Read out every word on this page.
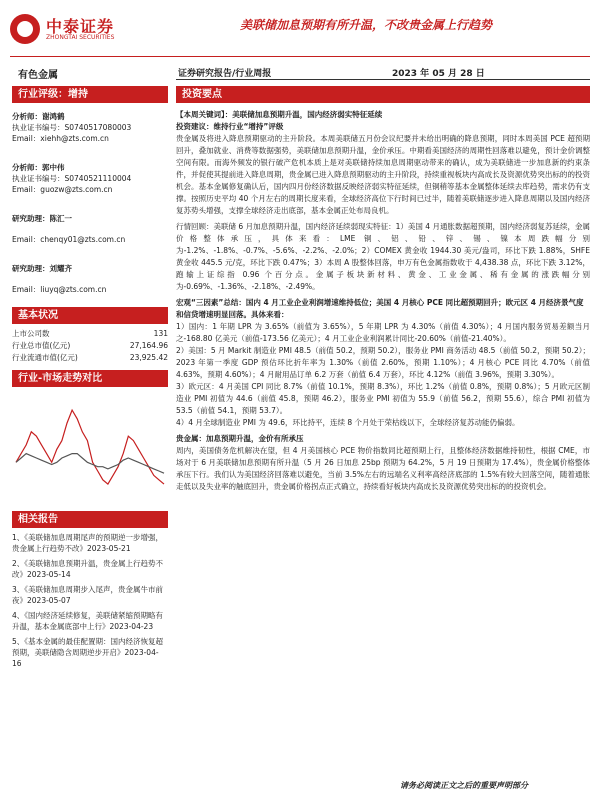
中泰证券
ZHONGTAI SECURITIES
美联储加息预期有所升温，不改贵金属上行趋势
有色金属	证券研究报告/行业周报	2023 年 05 月 28 日
行业评级：增持
分析师：谢鸿鹤
执业证书编号：S0740517080003
Email：xiehh@zts.com.cn
分析师：郭中伟
执业证书编号：S0740521110004
Email：guozw@zts.com.cn
研究助理：陈汇一
Email：chenqy01@zts.com.cn
研究助理：刘耀齐
Email：liuyq@zts.com.cn
基本状况
上市公司数	131
行业总市值(亿元)	27,164.96
行业流通市值(亿元)	23,925.42
行业-市场走势对比
相关报告
1、《美联储加息周期尾声的预期逆一步增强，贵金属上行趋势不改》2023-05-21
2、《美联储加息预期升温，贵金属上行趋势不改》2023-05-14
3、《美联储加息周期步入尾声，贵金属牛市前夜》2023-05-07
4、《国内经济延续修复，美联储紧缩预期略有升温，基本金属底部中上行》2023-04-23
5、《基本金属的最佳配置期：国内经济恢复超预期，美联储隐含周期逆步开启》2023-04-16
投资要点
【本周关键词】：美联储加息预期升温，国内经济弱实特征延续
投资建议：维持行业“增持”评级
贵金属及将进入降息预期驱动的主升阶段。本周美联储五月份会议纪要并未给出明确的降息预期，同时本周美国 PCE 超预期回升，叠加就业、消费等数据强势，美联储加息预期升温，金价承压。中期看美国经济的周期性回落难以避免，预计金价调整空间有限。而海外频发的银行破产危机本质上是对美联储持续加息周期驱动带来的确认，成为美联储进一步加息新的约束条件，并促使其提前进入降息周期，贵金属已进入降息预期驱动的主升阶段，持续重视板块内高成长及资源优势突出标的的投资机会。基本金属修复确认后，国内四月份经济数据反映经济弱实特征延续，但铜稍等基本金属整体延续去库趋势，需求仍有支撑。按照历史平均 40 个月左右的周期长度来看，全球经济高位下行时间已过半，随着美联储逐步进入降息周期以及国内经济复苏势头增强，支撑全球经济走出底部，基本金属正处布局良机。
行情回顾：美联储 6 月加息预期升温，国内经济延续弱现实特征：1）美国 4 月通胀数据超预期，国内经济弱复苏延续，金属价格整体承压，具体来看：LME 铜、铝、铅、锌、锡、镍本周跌幅分别为-1.2%、-1.8%、-0.7%、-5.6%、-2.2%、-2.0%；2）COMEX 黄金收 1944.30 美元/盎司，环比下跌 1.88%，SHFE 黄金收 445.5 元/克，环比下跌 0.47%；3）本周 A 股整体回落，申万有色金属指数收于 4,438.38 点，环比下跌 3.12%，跑输上证综指 0.96 个百分点。金属子板块新材料、黄金、工业金属、稀有金属的涨跌幅分别为-0.69%、-1.36%、-2.18%、-2.49%。
宏观“三因素”总结：国内 4 月工业企业利润增速维持低位；美国 4 月核心 PCE 同比超预期回升；欧元区 4 月经济景气度和信贷增速明显回落。具体来看：
1）国内：1 年期 LPR 为 3.65%（前值为 3.65%），5 年期 LPR 为 4.30%（前值 4.30%）；4 月国内服务贸易差额当月之-168.80 亿美元（前值-173.56 亿美元）；4 月工业企业利润累计同比-20.60%（前值-21.40%）。
2）美国：5 月 Markit 制造业 PMI 48.5（前值 50.2，预期 50.2），服务业 PMI 商务活动 48.5（前值 50.2，预期 50.2）；2023 年第一季度 GDP 预估环比折年率为 1.30%（前值 2.60%，预期 1.10%）；4 月核心 PCE 同比 4.70%（前值 4.63%，预期 4.60%）；4 月耐用品订单 6.2 万套（前值 6.4 万套），环比 4.12%（前值 3.96%，预期 3.30%）。
3）欧元区：4 月美国 CPI 同比 8.7%（前值 10.1%，预期 8.3%），环比 1.2%（前值 0.8%，预期 0.8%）；5 月欧元区制造业 PMI 初值为 44.6（前值 45.8，预期 46.2），服务业 PMI 初值为 55.9（前值 56.2，预期 55.6），综合 PMI 初值为 53.5（前值 54.1，预期 53.7）。
4）4 月全球制造业 PMI 为 49.6，环比持平，连续 8 个月处于荣枯线以下，全球经济复苏动能仍偏弱。
贵金属：加息预期升温，金价有所承压
周内，美国债务危机解决在望，但 4 月美国核心 PCE 物价指数同比超预期上行，且整体经济数据维持韧性，根据 CME，市场对于 6 月美联储加息预期有所升温（5 月 26 日加息 25bp 预期为 64.2%，5 月 19 日预期为 17.4%），贵金属价格整体承压下行。我们认为美国经济回落难以避免，当前 3.5%左右的远端名义利率高经济底部的 1.5%有较大回落空间，随着通胀走低以及失业率的触底回升，贵金属价格拐点正式确立，持续看好板块内高成长及资源优势突出标的的投资机会。
请务必阅读正文之后的重要声明部分
